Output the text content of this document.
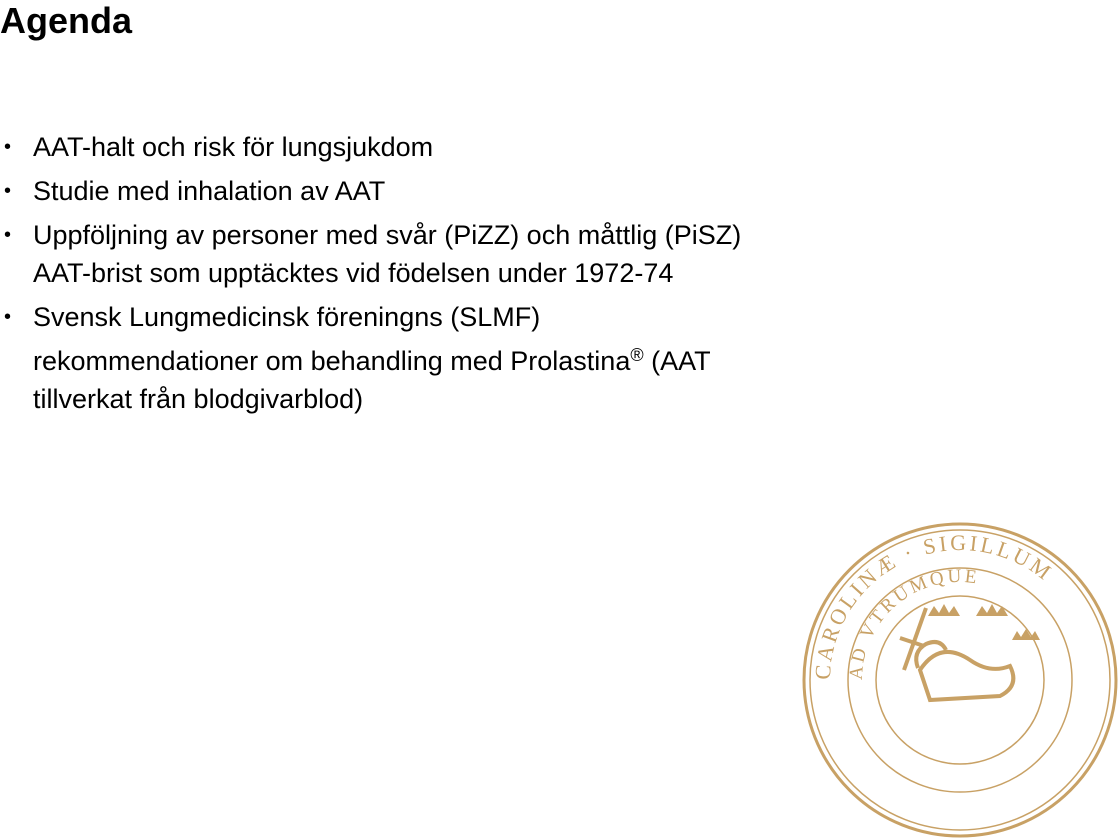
Agenda
• AAT-halt och risk för lungsjukdom
• Studie med inhalation av AAT
• Uppföljning av personer med svår (PiZZ) och måttlig (PiSZ)
AAT-brist som upptäcktes vid födelsen under 1972-74
• Svensk Lungmedicinsk föreningns (SLMF)
rekommendationer om behandling med Prolastina® (AAT
tillverkat från blodgivarblod)
CAROLINÆ · SIGILLUM
AD VTRUMQUE
